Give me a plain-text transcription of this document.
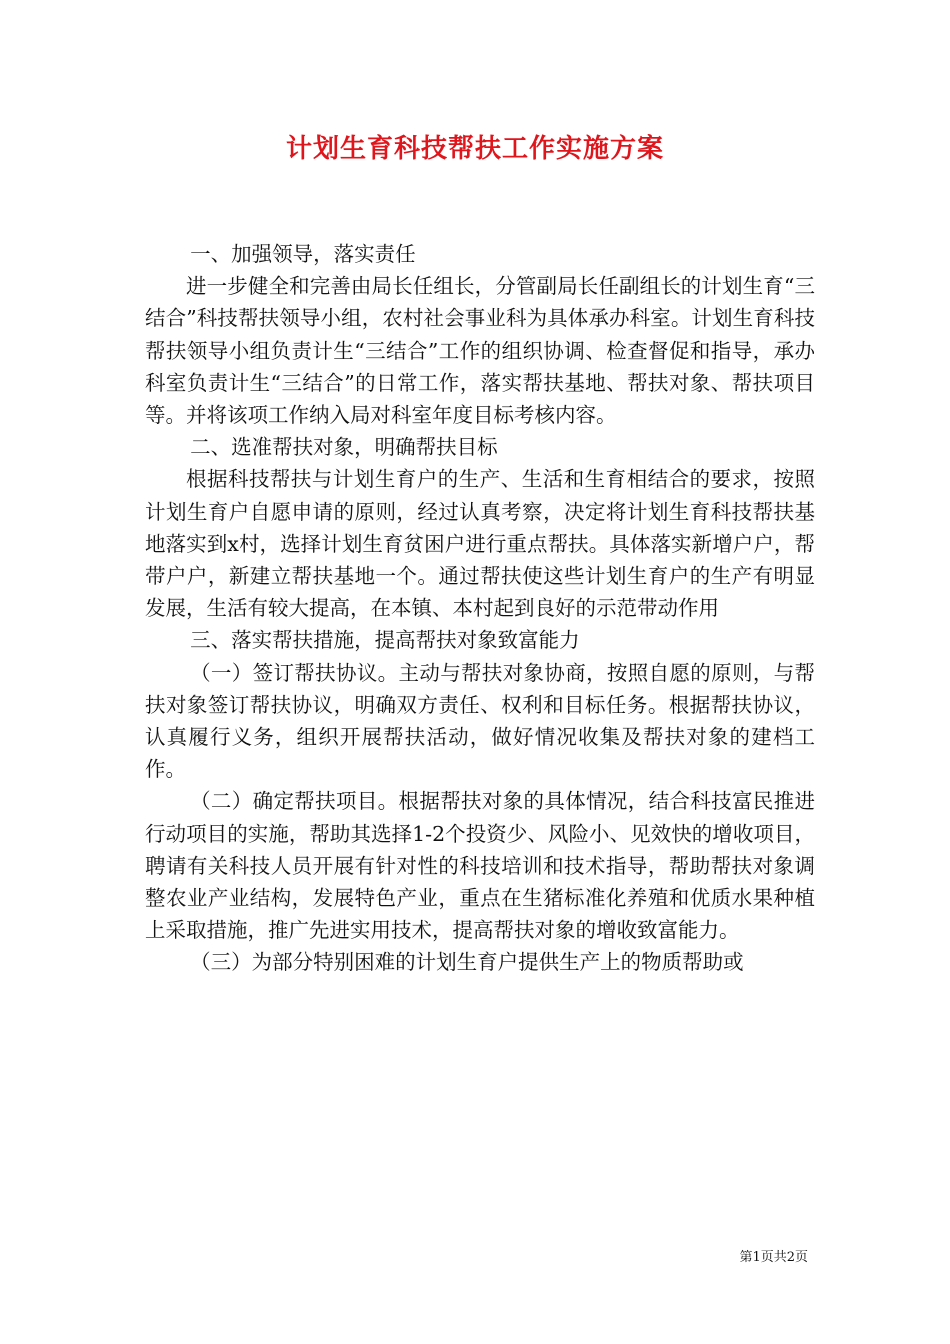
计划生育科技帮扶工作实施方案

一、加强领导，落实责任

进一步健全和完善由局长任组长，分管副局长任副组长的计划生育“三结合”科技帮扶领导小组，农村社会事业科为具体承办科室。计划生育科技帮扶领导小组负责计生“三结合”工作的组织协调、检查督促和指导，承办科室负责计生“三结合”的日常工作，落实帮扶基地、帮扶对象、帮扶项目等。并将该项工作纳入局对科室年度目标考核内容。

二、选准帮扶对象，明确帮扶目标

根据科技帮扶与计划生育户的生产、生活和生育相结合的要求，按照计划生育户自愿申请的原则，经过认真考察，决定将计划生育科技帮扶基地落实到x村，选择计划生育贫困户进行重点帮扶。具体落实新增户户，帮带户户，新建立帮扶基地一个。通过帮扶使这些计划生育户的生产有明显发展，生活有较大提高，在本镇、本村起到良好的示范带动作用

三、落实帮扶措施，提高帮扶对象致富能力

（一）签订帮扶协议。主动与帮扶对象协商，按照自愿的原则，与帮扶对象签订帮扶协议，明确双方责任、权利和目标任务。根据帮扶协议，认真履行义务，组织开展帮扶活动，做好情况收集及帮扶对象的建档工作。

（二）确定帮扶项目。根据帮扶对象的具体情况，结合科技富民推进行动项目的实施，帮助其选择1-2个投资少、风险小、见效快的增收项目，聘请有关科技人员开展有针对性的科技培训和技术指导，帮助帮扶对象调整农业产业结构，发展特色产业，重点在生猪标准化养殖和优质水果种植上采取措施，推广先进实用技术，提高帮扶对象的增收致富能力。

（三）为部分特别困难的计划生育户提供生产上的物质帮助或

第1页共2页
